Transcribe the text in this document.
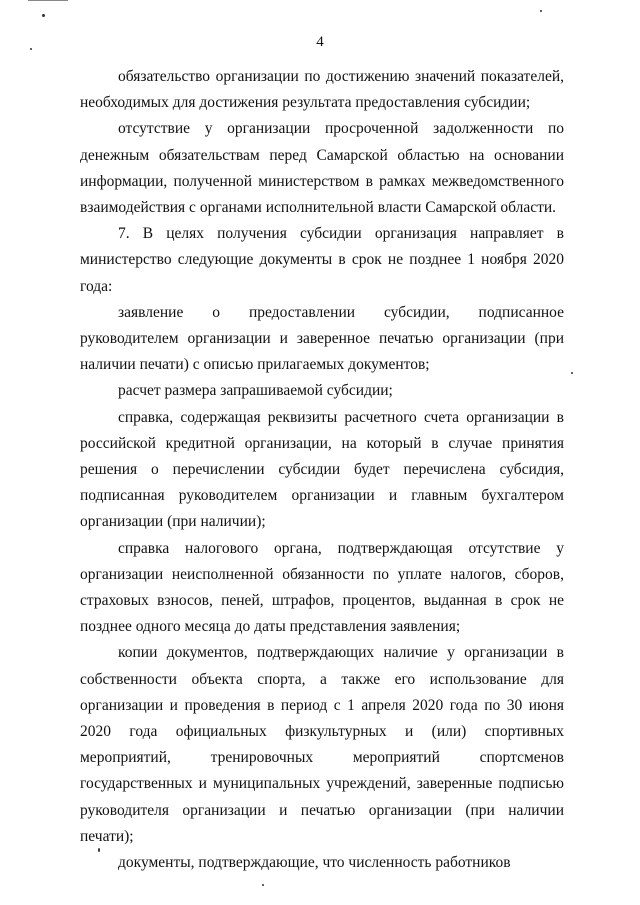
4

обязательство организации по достижению значений показателей, необходимых для достижения результата предоставления субсидии;

отсутствие у организации просроченной задолженности по денежным обязательствам перед Самарской областью на основании информации, полученной министерством в рамках межведомственного взаимодействия с органами исполнительной власти Самарской области.

7. В целях получения субсидии организация направляет в министерство следующие документы в срок не позднее 1 ноября 2020 года:

заявление о предоставлении субсидии, подписанное руководителем организации и заверенное печатью организации (при наличии печати) с описью прилагаемых документов;

расчет размера запрашиваемой субсидии;

справка, содержащая реквизиты расчетного счета организации в российской кредитной организации, на который в случае принятия решения о перечислении субсидии будет перечислена субсидия, подписанная руководителем организации и главным бухгалтером организации (при наличии);

справка налогового органа, подтверждающая отсутствие у организации неисполненной обязанности по уплате налогов, сборов, страховых взносов, пеней, штрафов, процентов, выданная в срок не позднее одного месяца до даты представления заявления;

копии документов, подтверждающих наличие у организации в собственности объекта спорта, а также его использование для организации и проведения в период с 1 апреля 2020 года по 30 июня 2020 года официальных физкультурных и (или) спортивных мероприятий, тренировочных мероприятий спортсменов государственных и муниципальных учреждений, заверенные подписью руководителя организации и печатью организации (при наличии печати);

документы, подтверждающие, что численность работников
